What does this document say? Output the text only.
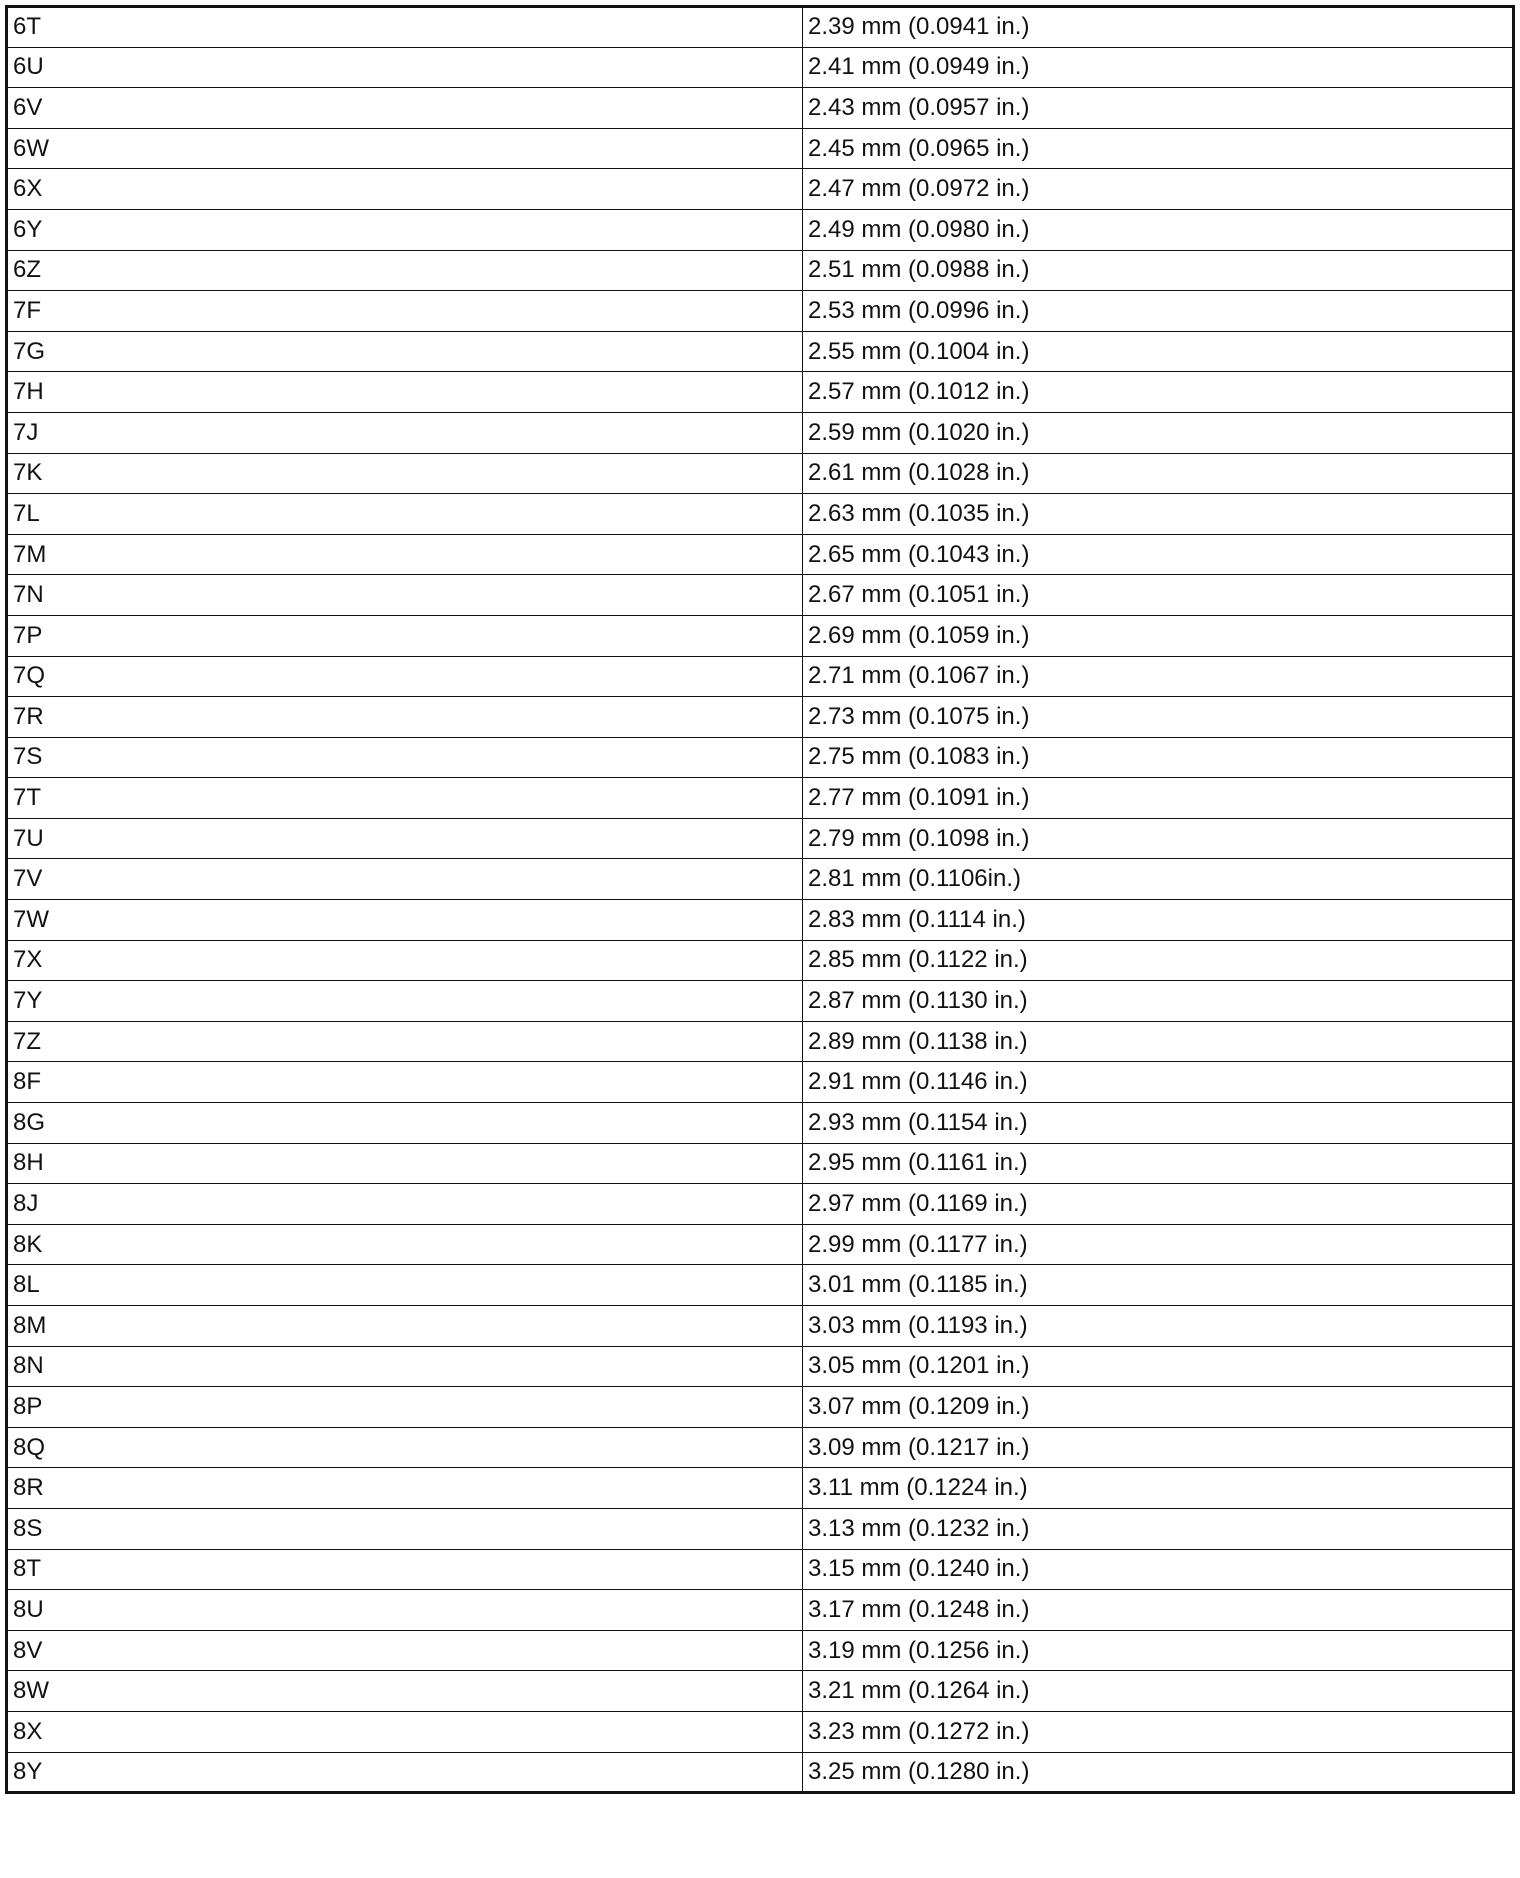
6T	2.39 mm (0.0941 in.)
6U	2.41 mm (0.0949 in.)
6V	2.43 mm (0.0957 in.)
6W	2.45 mm (0.0965 in.)
6X	2.47 mm (0.0972 in.)
6Y	2.49 mm (0.0980 in.)
6Z	2.51 mm (0.0988 in.)
7F	2.53 mm (0.0996 in.)
7G	2.55 mm (0.1004 in.)
7H	2.57 mm (0.1012 in.)
7J	2.59 mm (0.1020 in.)
7K	2.61 mm (0.1028 in.)
7L	2.63 mm (0.1035 in.)
7M	2.65 mm (0.1043 in.)
7N	2.67 mm (0.1051 in.)
7P	2.69 mm (0.1059 in.)
7Q	2.71 mm (0.1067 in.)
7R	2.73 mm (0.1075 in.)
7S	2.75 mm (0.1083 in.)
7T	2.77 mm (0.1091 in.)
7U	2.79 mm (0.1098 in.)
7V	2.81 mm (0.1106in.)
7W	2.83 mm (0.1114 in.)
7X	2.85 mm (0.1122 in.)
7Y	2.87 mm (0.1130 in.)
7Z	2.89 mm (0.1138 in.)
8F	2.91 mm (0.1146 in.)
8G	2.93 mm (0.1154 in.)
8H	2.95 mm (0.1161 in.)
8J	2.97 mm (0.1169 in.)
8K	2.99 mm (0.1177 in.)
8L	3.01 mm (0.1185 in.)
8M	3.03 mm (0.1193 in.)
8N	3.05 mm (0.1201 in.)
8P	3.07 mm (0.1209 in.)
8Q	3.09 mm (0.1217 in.)
8R	3.11 mm (0.1224 in.)
8S	3.13 mm (0.1232 in.)
8T	3.15 mm (0.1240 in.)
8U	3.17 mm (0.1248 in.)
8V	3.19 mm (0.1256 in.)
8W	3.21 mm (0.1264 in.)
8X	3.23 mm (0.1272 in.)
8Y	3.25 mm (0.1280 in.)
